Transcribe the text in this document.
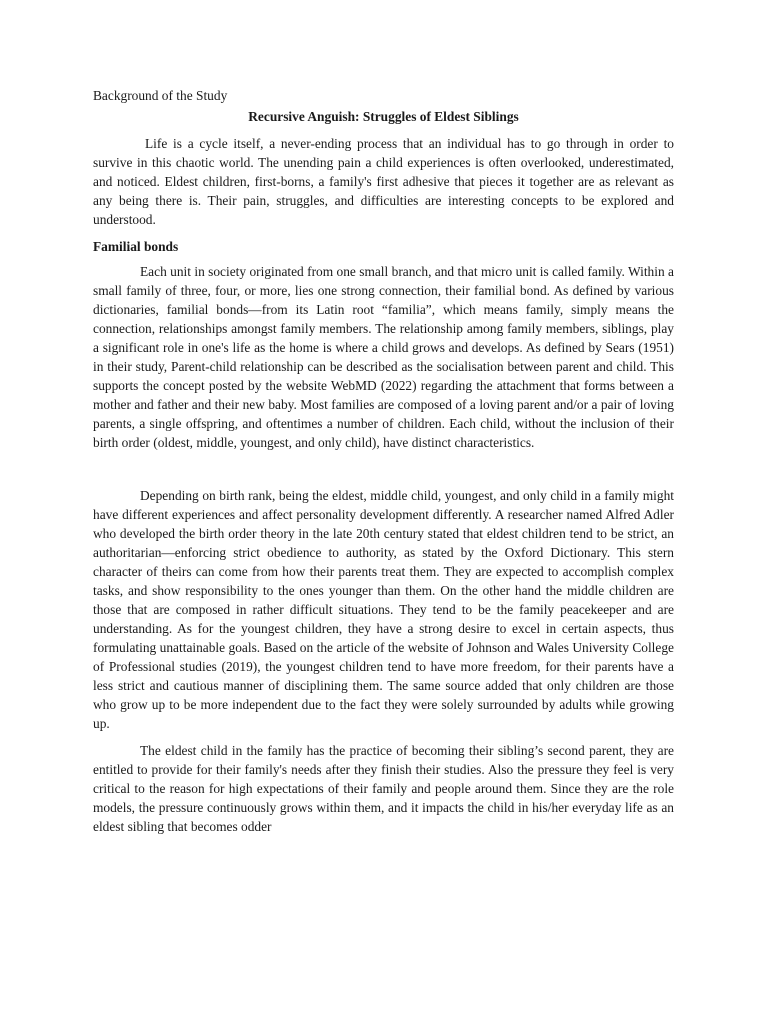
Background of the Study
Recursive Anguish: Struggles of Eldest Siblings

Life is a cycle itself, a never-ending process that an individual has to go through in order to survive in this chaotic world. The unending pain a child experiences is often overlooked, underestimated, and noticed. Eldest children, first-borns, a family's first adhesive that pieces it together are as relevant as any being there is. Their pain, struggles, and difficulties are interesting concepts to be explored and understood.

Familial bonds

Each unit in society originated from one small branch, and that micro unit is called family. Within a small family of three, four, or more, lies one strong connection, their familial bond. As defined by various dictionaries, familial bonds—from its Latin root “familia”, which means family, simply means the connection, relationships amongst family members. The relationship among family members, siblings, play a significant role in one's life as the home is where a child grows and develops. As defined by Sears (1951) in their study, Parent-child relationship can be described as the socialisation between parent and child. This supports the concept posted by the website WebMD (2022) regarding the attachment that forms between a mother and father and their new baby. Most families are composed of a loving parent and/or a pair of loving parents, a single offspring, and oftentimes a number of children. Each child, without the inclusion of their birth order (oldest, middle, youngest, and only child), have distinct characteristics.

Depending on birth rank, being the eldest, middle child, youngest, and only child in a family might have different experiences and affect personality development differently. A researcher named Alfred Adler who developed the birth order theory in the late 20th century stated that eldest children tend to be strict, an authoritarian—enforcing strict obedience to authority, as stated by the Oxford Dictionary. This stern character of theirs can come from how their parents treat them. They are expected to accomplish complex tasks, and show responsibility to the ones younger than them. On the other hand the middle children are those that are composed in rather difficult situations. They tend to be the family peacekeeper and are understanding. As for the youngest children, they have a strong desire to excel in certain aspects, thus formulating unattainable goals. Based on the article of the website of Johnson and Wales University College of Professional studies (2019), the youngest children tend to have more freedom, for their parents have a less strict and cautious manner of disciplining them. The same source added that only children are those who grow up to be more independent due to the fact they were solely surrounded by adults while growing up.

The eldest child in the family has the practice of becoming their sibling’s second parent, they are entitled to provide for their family's needs after they finish their studies. Also the pressure they feel is very critical to the reason for high expectations of their family and people around them. Since they are the role models, the pressure continuously grows within them, and it impacts the child in his/her everyday life as an eldest sibling that becomes odder
